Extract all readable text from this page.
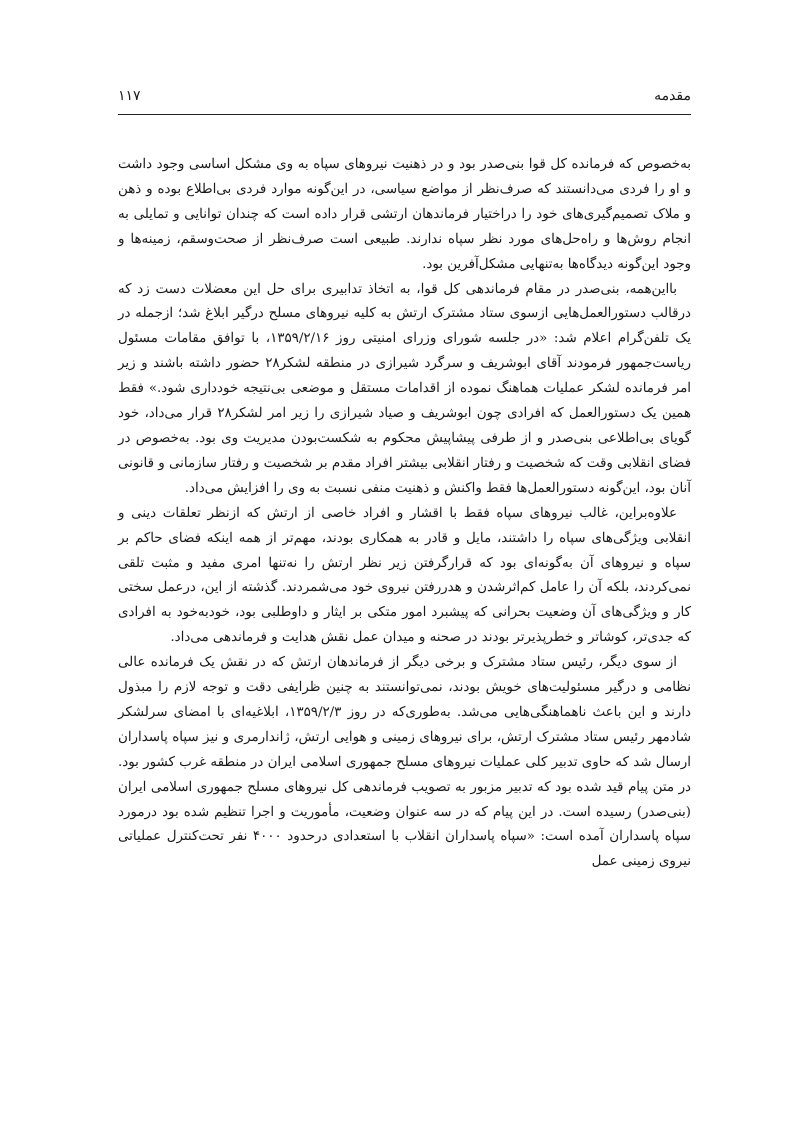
مقدمه
۱۱۷

به‌خصوص که فرمانده کل قوا بنی‌صدر بود و در ذهنیت نیروهای سپاه به وی مشکل اساسی وجود داشت و او را فردی می‌دانستند که صرف‌نظر از مواضع سیاسی، در این‌گونه موارد فردی بی‌اطلاع بوده و ذهن و ملاک تصمیم‌گیری‌های خود را دراختیار فرماندهان ارتشی قرار داده است که چندان توانایی و تمایلی به انجام روش‌ها و راه‌حل‌های مورد نظر سپاه ندارند. طبیعی است صرف‌نظر از صحت‌وسقم، زمینه‌ها و وجود این‌گونه دیدگاه‌ها به‌تنهایی مشکل‌آفرین بود.

بااین‌همه، بنی‌صدر در مقام فرماندهی کل قوا، به اتخاذ تدابیری برای حل این معضلات دست زد که درقالب دستورالعمل‌هایی ازسوی ستاد مشترک ارتش به کلیه نیروهای مسلح درگیر ابلاغ شد؛ ازجمله در یک تلفن‌گرام اعلام شد: «در جلسه شورای وزرای امنیتی روز ۱۳۵۹/۲/۱۶، با توافق مقامات مسئول ریاست‌جمهور فرمودند آقای ابوشریف و سرگرد شیرازی در منطقه لشکر۲۸ حضور داشته باشند و زیر امر فرمانده لشکر عملیات هماهنگ نموده از اقدامات مستقل و موضعی بی‌نتیجه خودداری شود.» فقط همین یک دستورالعمل که افرادی چون ابوشریف و صیاد شیرازی را زیر امر لشکر۲۸ قرار می‌داد، خود گویای بی‌اطلاعی بنی‌صدر و از طرفی پیشاپیش محکوم به شکست‌بودن مدیریت وی بود. به‌خصوص در فضای انقلابی وقت که شخصیت و رفتار انقلابی بیشتر افراد مقدم بر شخصیت و رفتار سازمانی و قانونی آنان بود، این‌گونه دستورالعمل‌ها فقط واکنش و ذهنیت منفی نسبت به وی را افزایش می‌داد.

علاوه‌براین، غالب نیروهای سپاه فقط با اقشار و افراد خاصی از ارتش که ازنظر تعلقات دینی و انقلابی ویژگی‌های سپاه را داشتند، مایل و قادر به همکاری بودند، مهم‌تر از همه اینکه فضای حاکم بر سپاه و نیروهای آن به‌گونه‌ای بود که قرارگرفتن زیر نظر ارتش را نه‌تنها امری مفید و مثبت تلقی نمی‌کردند، بلکه آن را عامل کم‌اثرشدن و هدررفتن نیروی خود می‌شمردند. گذشته از این، درعمل سختی کار و ویژگی‌های آن وضعیت بحرانی که پیشبرد امور متکی بر ایثار و داوطلبی بود، خودبه‌خود به افرادی که جدی‌تر، کوشاتر و خطرپذیرتر بودند در صحنه و میدان عمل نقش هدایت و فرماندهی می‌داد.

از سوی دیگر، رئیس ستاد مشترک و برخی دیگر از فرماندهان ارتش که در نقش یک فرمانده عالی نظامی و درگیر مسئولیت‌های خویش بودند، نمی‌توانستند به چنین ظرایفی دقت و توجه لازم را مبذول دارند و این باعث ناهماهنگی‌هایی می‌شد. به‌طوری‌که در روز ۱۳۵۹/۲/۳، ابلاغیه‌ای با امضای سرلشکر شادمهر رئیس ستاد مشترک ارتش، برای نیروهای زمینی و هوایی ارتش، ژاندارمری و نیز سپاه پاسداران ارسال شد که حاوی تدبیر کلی عملیات نیروهای مسلح جمهوری اسلامی ایران در منطقه غرب کشور بود. در متن پیام قید شده بود که تدبیر مزبور به تصویب فرماندهی کل نیروهای مسلح جمهوری اسلامی ایران (بنی‌صدر) رسیده است. در این پیام که در سه عنوان وضعیت، مأموریت و اجرا تنظیم شده بود درمورد سپاه پاسداران آمده است: «سپاه پاسداران انقلاب با استعدادی درحدود ۴۰۰۰ نفر تحت‌کنترل عملیاتی نیروی زمینی عمل
